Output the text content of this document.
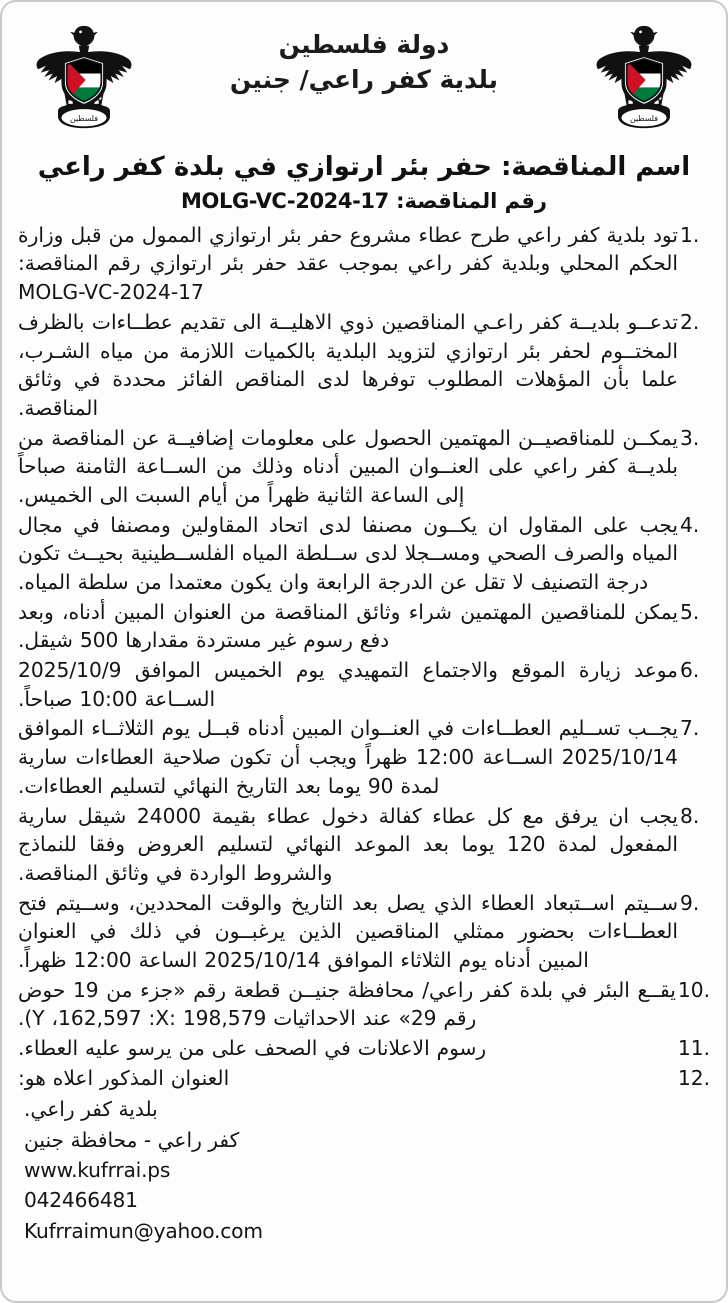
فلسطين	فلسطين
دولة فلسطين
بلدية كفر راعي/ جنين
اسم المناقصة: حفر بئر ارتوازي في بلدة كفر راعي
رقم المناقصة: MOLG-VC-2024-17
1.
تود بلدية كفر راعي طرح عطاء مشروع حفر بئر ارتوازي الممول من قبل وزارة الحكم المحلي وبلدية كفر راعي بموجب عقد حفر بئر ارتوازي رقم المناقصة: MOLG-VC-2024-17
2.
تدعــو بلديــة كفر راعـي المناقصين ذوي الاهليــة الى تقديم عطــاءات بالظرف المختــوم لحفر بئر ارتوازي لتزويد البلدية بالكميات اللازمة من مياه الشـرب، علما بأن المؤهلات المطلوب توفرها لدى المناقص الفائز محددة في وثائق المناقصة.
3.
يمكــن للمناقصيــن المهتمين الحصول على معلومات إضافيــة عن المناقصة من بلديــة كفر راعي على العنــوان المبين أدناه وذلك من الســاعة الثامنة صباحاً إلى الساعة الثانية ظهراً من أيام السبت الى الخميس.
4.
يجب على المقاول ان يكــون مصنفا لدى اتحاد المقاولين ومصنفا في مجال المياه والصرف الصحي ومســجلا لدى ســلطة المياه الفلســطينية بحيــث تكون درجة التصنيف لا تقل عن الدرجة الرابعة وان يكون معتمدا من سلطة المياه.
5.
يمكن للمناقصين المهتمين شراء وثائق المناقصة من العنوان المبين أدناه، وبعد دفع رسوم غير مستردة مقدارها 500 شيقل.
6.
موعد زيارة الموقع والاجتماع التمهيدي يوم الخميس الموافق 2025/10/9 الســاعة 10:00 صباحاً.
7.
يجــب تســليم العطــاءات في العنــوان المبين أدناه قبــل يوم الثلاثــاء الموافق 2025/10/14 الســاعة 12:00 ظهراً ويجب أن تكون صلاحية العطاءات سارية لمدة 90 يوما بعد التاريخ النهائي لتسليم العطاءات.
8.
يجب ان يرفق مع كل عطاء كفالة دخول عطاء بقيمة 24000 شيقل سارية المفعول لمدة 120 يوما بعد الموعد النهائي لتسليم العروض وفقا للنماذج والشروط الواردة في وثائق المناقصة.
9.
ســيتم اســتبعاد العطاء الذي يصل بعد التاريخ والوقت المحددين، وســيتم فتح العطــاءات بحضور ممثلي المناقصين الذين يرغبــون في ذلك في العنوان المبين أدناه يوم الثلاثاء الموافق 2025/10/14 الساعة 12:00 ظهراً.
10.
يقــع البئر في بلدة كفر راعي/ محافظة جنيــن قطعة رقم «جزء من 19 حوض رقم 29» عند الاحداثيات 198,579 :Y ،162,597 :X).
11.
رسوم الاعلانات في الصحف على من يرسو عليه العطاء.
12.
العنوان المذكور اعلاه هو:
بلدية كفر راعي.
كفر راعي - محافظة جنين
www.kufrrai.ps
042466481
Kufrraimun@yahoo.com
